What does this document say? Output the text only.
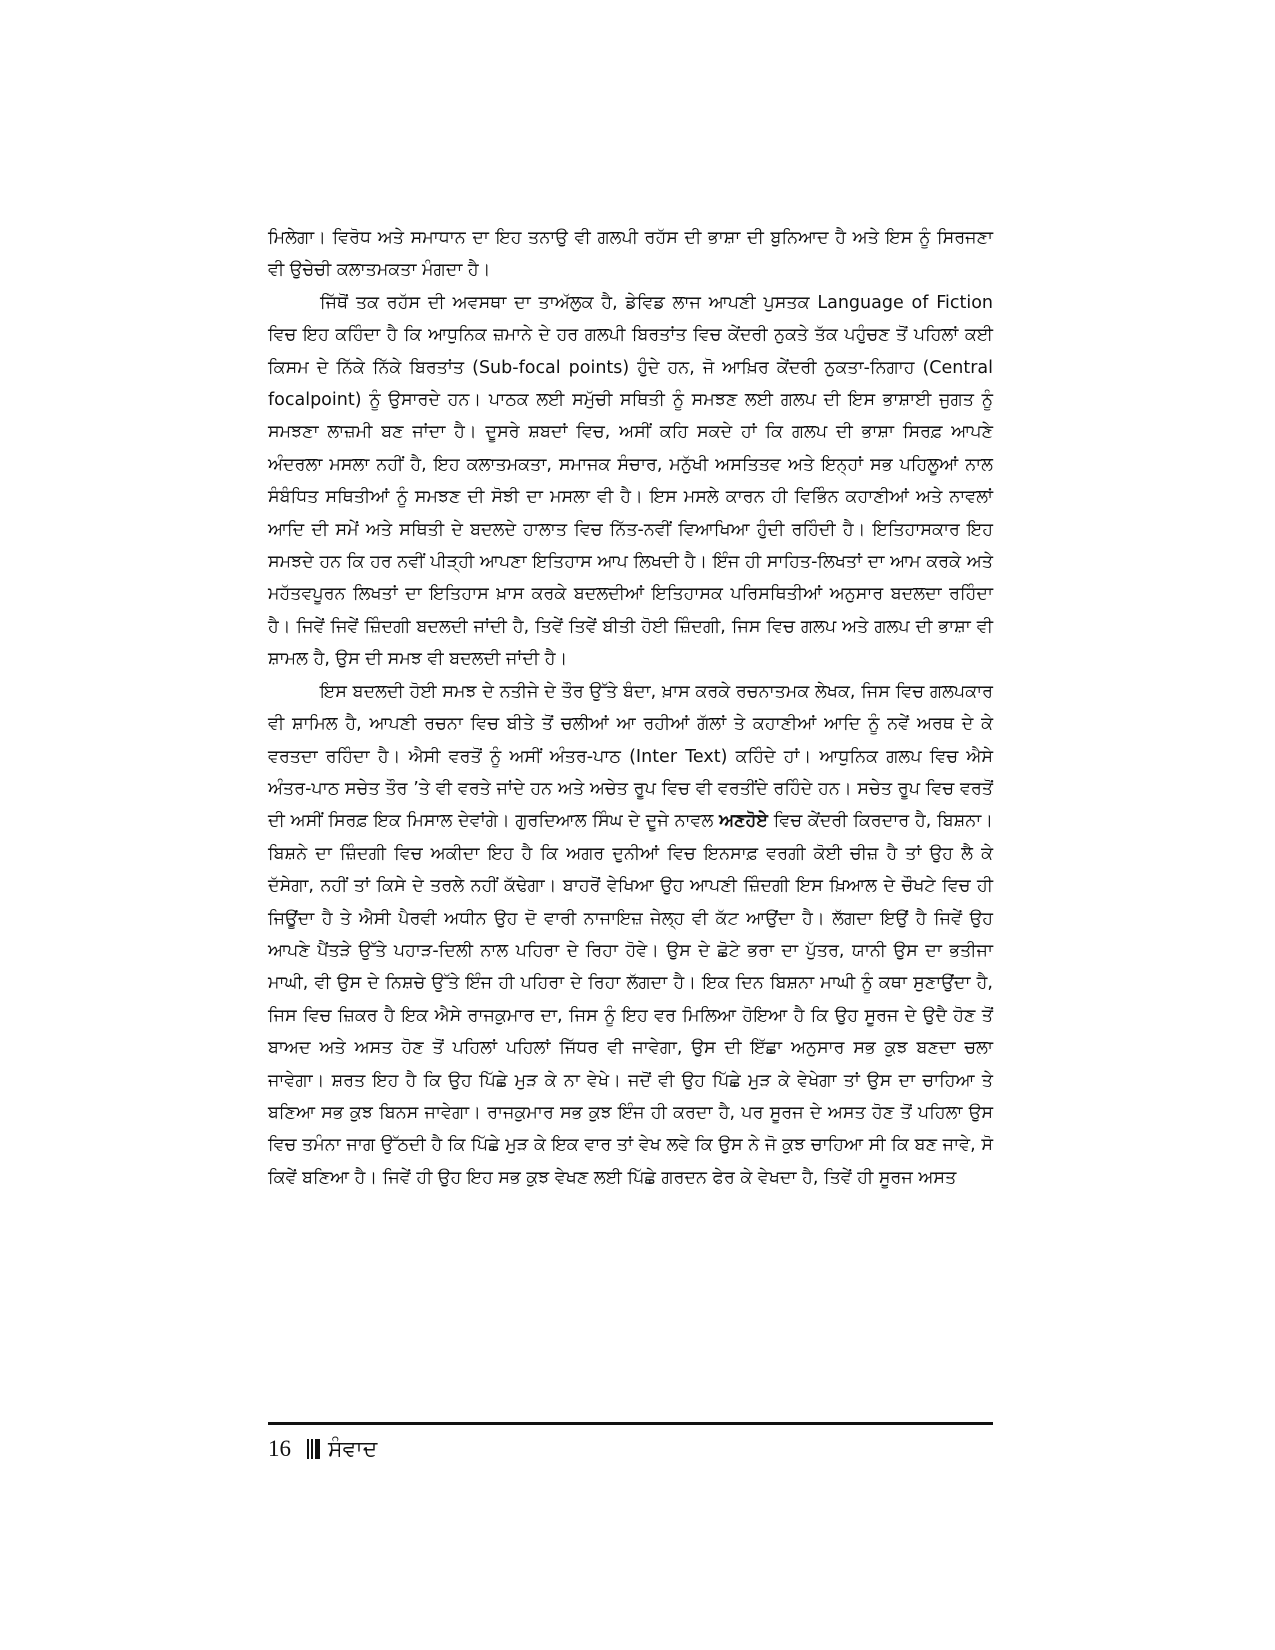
ਮਿਲੇਗਾ। ਵਿਰੋਧ ਅਤੇ ਸਮਾਧਾਨ ਦਾ ਇਹ ਤਨਾਉ ਵੀ ਗਲਪੀ ਰਹੱਸ ਦੀ ਭਾਸ਼ਾ ਦੀ ਬੁਨਿਆਦ ਹੈ ਅਤੇ ਇਸ ਨੂੰ ਸਿਰਜਣਾ ਵੀ ਉਚੇਚੀ ਕਲਾਤਮਕਤਾ ਮੰਗਦਾ ਹੈ।

ਜਿੱਥੋਂ ਤਕ ਰਹੱਸ ਦੀ ਅਵਸਥਾ ਦਾ ਤਾਅੱਲੁਕ ਹੈ, ਡੇਵਿਡ ਲਾਜ ਆਪਣੀ ਪੁਸਤਕ Language of Fiction ਵਿਚ ਇਹ ਕਹਿੰਦਾ ਹੈ ਕਿ ਆਧੁਨਿਕ ਜ਼ਮਾਨੇ ਦੇ ਹਰ ਗਲਪੀ ਬਿਰਤਾਂਤ ਵਿਚ ਕੇਂਦਰੀ ਨੁਕਤੇ ਤੱਕ ਪਹੁੰਚਣ ਤੋਂ ਪਹਿਲਾਂ ਕਈ ਕਿਸਮ ਦੇ ਨਿੱਕੇ ਨਿੱਕੇ ਬਿਰਤਾਂਤ (Sub-focal points) ਹੁੰਦੇ ਹਨ, ਜੋ ਆਖ਼ਿਰ ਕੇਂਦਰੀ ਨੁਕਤਾ-ਨਿਗਾਹ (Central focalpoint) ਨੂੰ ਉਸਾਰਦੇ ਹਨ। ਪਾਠਕ ਲਈ ਸਮੁੱਚੀ ਸਥਿਤੀ ਨੂੰ ਸਮਝਣ ਲਈ ਗਲਪ ਦੀ ਇਸ ਭਾਸ਼ਾਈ ਜੁਗਤ ਨੂੰ ਸਮਝਣਾ ਲਾਜ਼ਮੀ ਬਣ ਜਾਂਦਾ ਹੈ। ਦੂਸਰੇ ਸ਼ਬਦਾਂ ਵਿਚ, ਅਸੀਂ ਕਹਿ ਸਕਦੇ ਹਾਂ ਕਿ ਗਲਪ ਦੀ ਭਾਸ਼ਾ ਸਿਰਫ਼ ਆਪਣੇ ਅੰਦਰਲਾ ਮਸਲਾ ਨਹੀਂ ਹੈ, ਇਹ ਕਲਾਤਮਕਤਾ, ਸਮਾਜਕ ਸੰਚਾਰ, ਮਨੁੱਖੀ ਅਸਤਿਤਵ ਅਤੇ ਇਨ੍ਹਾਂ ਸਭ ਪਹਿਲੂਆਂ ਨਾਲ ਸੰਬੰਧਿਤ ਸਥਿਤੀਆਂ ਨੂੰ ਸਮਝਣ ਦੀ ਸੋਝੀ ਦਾ ਮਸਲਾ ਵੀ ਹੈ। ਇਸ ਮਸਲੇ ਕਾਰਨ ਹੀ ਵਿਭਿੰਨ ਕਹਾਣੀਆਂ ਅਤੇ ਨਾਵਲਾਂ ਆਦਿ ਦੀ ਸਮੇਂ ਅਤੇ ਸਥਿਤੀ ਦੇ ਬਦਲਦੇ ਹਾਲਾਤ ਵਿਚ ਨਿੱਤ-ਨਵੀਂ ਵਿਆਖਿਆ ਹੁੰਦੀ ਰਹਿੰਦੀ ਹੈ। ਇਤਿਹਾਸਕਾਰ ਇਹ ਸਮਝਦੇ ਹਨ ਕਿ ਹਰ ਨਵੀਂ ਪੀੜ੍ਹੀ ਆਪਣਾ ਇਤਿਹਾਸ ਆਪ ਲਿਖਦੀ ਹੈ। ਇੰਜ ਹੀ ਸਾਹਿਤ-ਲਿਖਤਾਂ ਦਾ ਆਮ ਕਰਕੇ ਅਤੇ ਮਹੱਤਵਪੂਰਨ ਲਿਖਤਾਂ ਦਾ ਇਤਿਹਾਸ ਖ਼ਾਸ ਕਰਕੇ ਬਦਲਦੀਆਂ ਇਤਿਹਾਸਕ ਪਰਿਸਥਿਤੀਆਂ ਅਨੁਸਾਰ ਬਦਲਦਾ ਰਹਿੰਦਾ ਹੈ। ਜਿਵੇਂ ਜਿਵੇਂ ਜ਼ਿੰਦਗੀ ਬਦਲਦੀ ਜਾਂਦੀ ਹੈ, ਤਿਵੇਂ ਤਿਵੇਂ ਬੀਤੀ ਹੋਈ ਜ਼ਿੰਦਗੀ, ਜਿਸ ਵਿਚ ਗਲਪ ਅਤੇ ਗਲਪ ਦੀ ਭਾਸ਼ਾ ਵੀ ਸ਼ਾਮਲ ਹੈ, ਉਸ ਦੀ ਸਮਝ ਵੀ ਬਦਲਦੀ ਜਾਂਦੀ ਹੈ।

ਇਸ ਬਦਲਦੀ ਹੋਈ ਸਮਝ ਦੇ ਨਤੀਜੇ ਦੇ ਤੌਰ ਉੱਤੇ ਬੰਦਾ, ਖ਼ਾਸ ਕਰਕੇ ਰਚਨਾਤਮਕ ਲੇਖਕ, ਜਿਸ ਵਿਚ ਗਲਪਕਾਰ ਵੀ ਸ਼ਾਮਿਲ ਹੈ, ਆਪਣੀ ਰਚਨਾ ਵਿਚ ਬੀਤੇ ਤੋਂ ਚਲੀਆਂ ਆ ਰਹੀਆਂ ਗੱਲਾਂ ਤੇ ਕਹਾਣੀਆਂ ਆਦਿ ਨੂੰ ਨਵੇਂ ਅਰਥ ਦੇ ਕੇ ਵਰਤਦਾ ਰਹਿੰਦਾ ਹੈ। ਐਸੀ ਵਰਤੋਂ ਨੂੰ ਅਸੀਂ ਅੰਤਰ-ਪਾਠ (Inter Text) ਕਹਿੰਦੇ ਹਾਂ। ਆਧੁਨਿਕ ਗਲਪ ਵਿਚ ਐਸੇ ਅੰਤਰ-ਪਾਠ ਸਚੇਤ ਤੌਰ ’ਤੇ ਵੀ ਵਰਤੇ ਜਾਂਦੇ ਹਨ ਅਤੇ ਅਚੇਤ ਰੂਪ ਵਿਚ ਵੀ ਵਰਤੀਂਦੇ ਰਹਿੰਦੇ ਹਨ। ਸਚੇਤ ਰੂਪ ਵਿਚ ਵਰਤੋਂ ਦੀ ਅਸੀਂ ਸਿਰਫ਼ ਇਕ ਮਿਸਾਲ ਦੇਵਾਂਗੇ। ਗੁਰਦਿਆਲ ਸਿੰਘ ਦੇ ਦੂਜੇ ਨਾਵਲ ਅਣਹੋਏ ਵਿਚ ਕੇਂਦਰੀ ਕਿਰਦਾਰ ਹੈ, ਬਿਸ਼ਨਾ। ਬਿਸ਼ਨੇ ਦਾ ਜ਼ਿੰਦਗੀ ਵਿਚ ਅਕੀਦਾ ਇਹ ਹੈ ਕਿ ਅਗਰ ਦੁਨੀਆਂ ਵਿਚ ਇਨਸਾਫ਼ ਵਰਗੀ ਕੋਈ ਚੀਜ਼ ਹੈ ਤਾਂ ਉਹ ਲੈ ਕੇ ਦੱਸੇਗਾ, ਨਹੀਂ ਤਾਂ ਕਿਸੇ ਦੇ ਤਰਲੇ ਨਹੀਂ ਕੱਢੇਗਾ। ਬਾਹਰੋਂ ਵੇਖਿਆ ਉਹ ਆਪਣੀ ਜ਼ਿੰਦਗੀ ਇਸ ਖ਼ਿਆਲ ਦੇ ਚੌਖਟੇ ਵਿਚ ਹੀ ਜਿਊਂਦਾ ਹੈ ਤੇ ਐਸੀ ਪੈਰਵੀ ਅਧੀਨ ਉਹ ਦੋ ਵਾਰੀ ਨਾਜਾਇਜ਼ ਜੇਲ੍ਹ ਵੀ ਕੱਟ ਆਉਂਦਾ ਹੈ। ਲੱਗਦਾ ਇਉਂ ਹੈ ਜਿਵੇਂ ਉਹ ਆਪਣੇ ਪੈਂਤੜੇ ਉੱਤੇ ਪਹਾੜ-ਦਿਲੀ ਨਾਲ ਪਹਿਰਾ ਦੇ ਰਿਹਾ ਹੋਵੇ। ਉਸ ਦੇ ਛੋਟੇ ਭਰਾ ਦਾ ਪੁੱਤਰ, ਯਾਨੀ ਉਸ ਦਾ ਭਤੀਜਾ ਮਾਘੀ, ਵੀ ਉਸ ਦੇ ਨਿਸ਼ਚੇ ਉੱਤੇ ਇੰਜ ਹੀ ਪਹਿਰਾ ਦੇ ਰਿਹਾ ਲੱਗਦਾ ਹੈ। ਇਕ ਦਿਨ ਬਿਸ਼ਨਾ ਮਾਘੀ ਨੂੰ ਕਥਾ ਸੁਣਾਉਂਦਾ ਹੈ, ਜਿਸ ਵਿਚ ਜ਼ਿਕਰ ਹੈ ਇਕ ਐਸੇ ਰਾਜਕੁਮਾਰ ਦਾ, ਜਿਸ ਨੂੰ ਇਹ ਵਰ ਮਿਲਿਆ ਹੋਇਆ ਹੈ ਕਿ ਉਹ ਸੂਰਜ ਦੇ ਉਦੈ ਹੋਣ ਤੋਂ ਬਾਅਦ ਅਤੇ ਅਸਤ ਹੋਣ ਤੋਂ ਪਹਿਲਾਂ ਪਹਿਲਾਂ ਜਿੱਧਰ ਵੀ ਜਾਵੇਗਾ, ਉਸ ਦੀ ਇੱਛਾ ਅਨੁਸਾਰ ਸਭ ਕੁਝ ਬਣਦਾ ਚਲਾ ਜਾਵੇਗਾ। ਸ਼ਰਤ ਇਹ ਹੈ ਕਿ ਉਹ ਪਿੱਛੇ ਮੁੜ ਕੇ ਨਾ ਵੇਖੇ। ਜਦੋਂ ਵੀ ਉਹ ਪਿੱਛੇ ਮੁੜ ਕੇ ਵੇਖੇਗਾ ਤਾਂ ਉਸ ਦਾ ਚਾਹਿਆ ਤੇ ਬਣਿਆ ਸਭ ਕੁਝ ਬਿਨਸ ਜਾਵੇਗਾ। ਰਾਜਕੁਮਾਰ ਸਭ ਕੁਝ ਇੰਜ ਹੀ ਕਰਦਾ ਹੈ, ਪਰ ਸੂਰਜ ਦੇ ਅਸਤ ਹੋਣ ਤੋਂ ਪਹਿਲਾ ਉਸ ਵਿਚ ਤਮੰਨਾ ਜਾਗ ਉੱਠਦੀ ਹੈ ਕਿ ਪਿੱਛੇ ਮੁੜ ਕੇ ਇਕ ਵਾਰ ਤਾਂ ਵੇਖ ਲਵੇ ਕਿ ਉਸ ਨੇ ਜੋ ਕੁਝ ਚਾਹਿਆ ਸੀ ਕਿ ਬਣ ਜਾਵੇ, ਸੋ ਕਿਵੇਂ ਬਣਿਆ ਹੈ। ਜਿਵੇਂ ਹੀ ਉਹ ਇਹ ਸਭ ਕੁਝ ਵੇਖਣ ਲਈ ਪਿੱਛੇ ਗਰਦਨ ਫੇਰ ਕੇ ਵੇਖਦਾ ਹੈ, ਤਿਵੇਂ ਹੀ ਸੂਰਜ ਅਸਤ

16 ਸੰਵਾਦ
